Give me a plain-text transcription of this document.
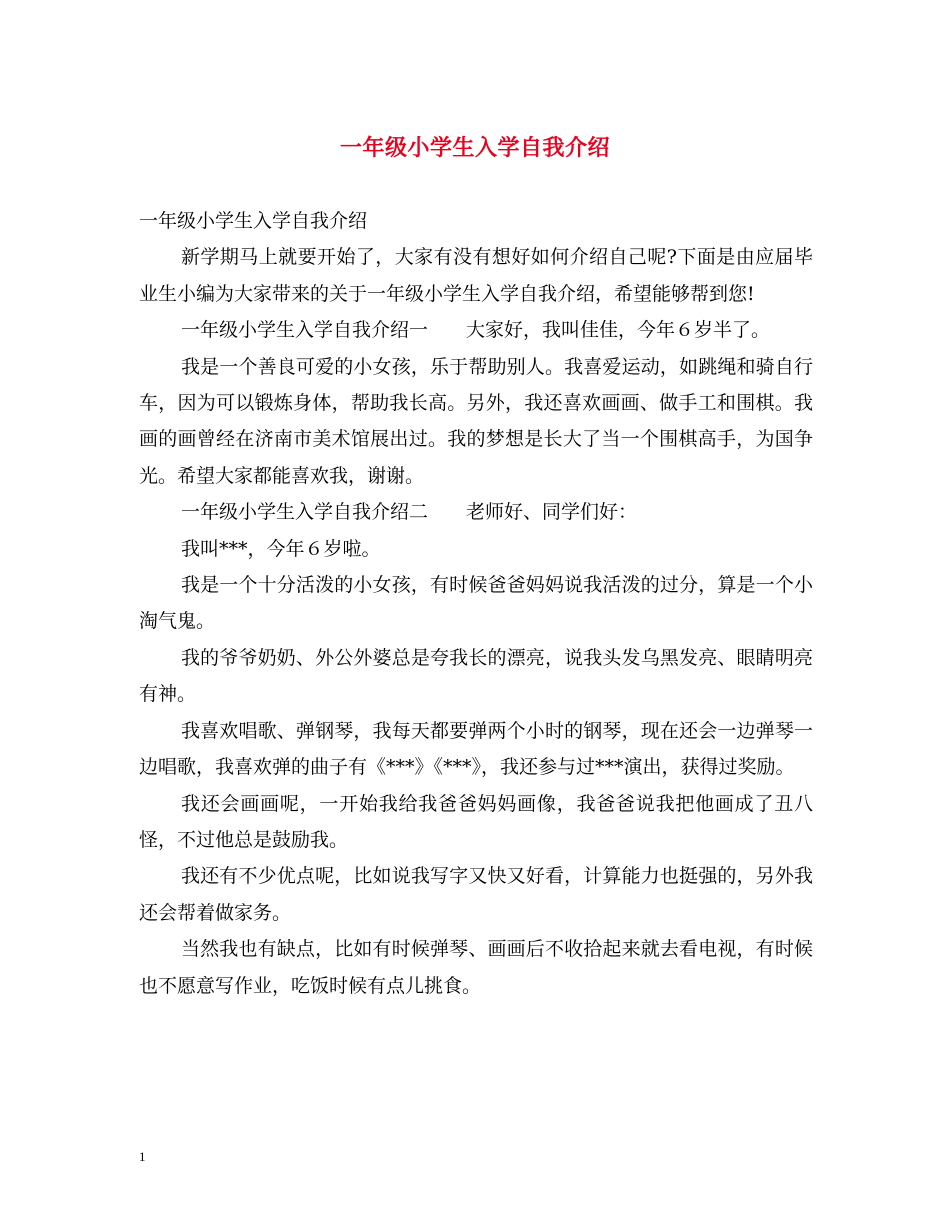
一年级小学生入学自我介绍

一年级小学生入学自我介绍

新学期马上就要开始了，大家有没有想好如何介绍自己呢?下面是由应届毕业生小编为大家带来的关于一年级小学生入学自我介绍，希望能够帮到您!

一年级小学生入学自我介绍一　　大家好，我叫佳佳，今年６岁半了。

我是一个善良可爱的小女孩，乐于帮助别人。我喜爱运动，如跳绳和骑自行车，因为可以锻炼身体，帮助我长高。另外，我还喜欢画画、做手工和围棋。我画的画曾经在济南市美术馆展出过。我的梦想是长大了当一个围棋高手，为国争光。希望大家都能喜欢我，谢谢。

一年级小学生入学自我介绍二　　老师好、同学们好：

我叫***，今年６岁啦。

我是一个十分活泼的小女孩，有时候爸爸妈妈说我活泼的过分，算是一个小淘气鬼。

我的爷爷奶奶、外公外婆总是夸我长的漂亮，说我头发乌黑发亮、眼睛明亮有神。

我喜欢唱歌、弹钢琴，我每天都要弹两个小时的钢琴，现在还会一边弹琴一边唱歌，我喜欢弹的曲子有《***》《***》，我还参与过***演出，获得过奖励。

我还会画画呢，一开始我给我爸爸妈妈画像，我爸爸说我把他画成了丑八怪，不过他总是鼓励我。

我还有不少优点呢，比如说我写字又快又好看，计算能力也挺强的，另外我还会帮着做家务。

当然我也有缺点，比如有时候弹琴、画画后不收拾起来就去看电视，有时候也不愿意写作业，吃饭时候有点儿挑食。

1
